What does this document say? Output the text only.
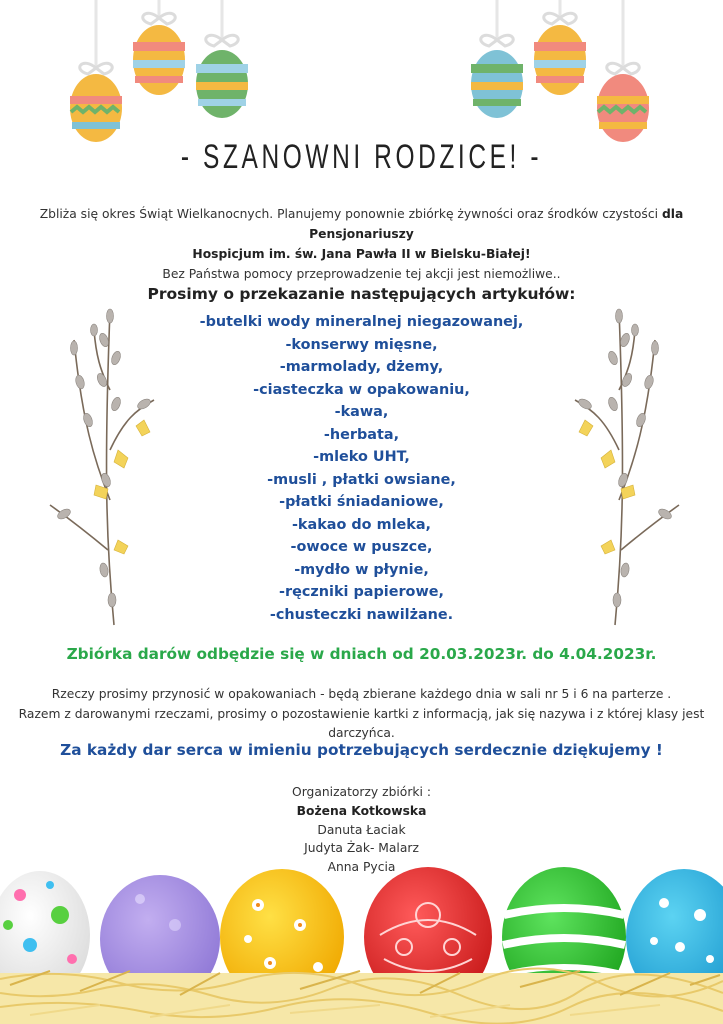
- SZANOWNI RODZICE! -
Zbliża się okres Świąt Wielkanocnych. Planujemy ponownie zbiórkę żywności oraz środków czystości dla Pensjonariuszy
Hospicjum im. św. Jana Pawła II w Bielsku-Białej!
Bez Państwa pomocy przeprowadzenie tej akcji jest niemożliwe..
Prosimy o przekazanie następujących artykułów:
-butelki wody mineralnej niegazowanej,
-konserwy mięsne,
-marmolady, dżemy,
-ciasteczka w opakowaniu,
-kawa,
-herbata,
-mleko UHT,
-musli , płatki owsiane,
-płatki śniadaniowe,
-kakao do mleka,
-owoce w puszce,
-mydło w płynie,
-ręczniki papierowe,
-chusteczki nawilżane.
Zbiórka darów odbędzie się w dniach od 20.03.2023r. do 4.04.2023r.
Rzeczy prosimy przynosić w opakowaniach - będą zbierane każdego dnia w sali nr 5 i 6 na parterze .
Razem z darowanymi rzeczami, prosimy o pozostawienie kartki z informacją, jak się nazywa i z której klasy jest darczyńca.
Za każdy dar serca w imieniu potrzebujących serdecznie dziękujemy !
Organizatorzy zbiórki :
Bożena Kotkowska
Danuta Łaciak
Judyta Żak- Malarz
Anna Pycia
